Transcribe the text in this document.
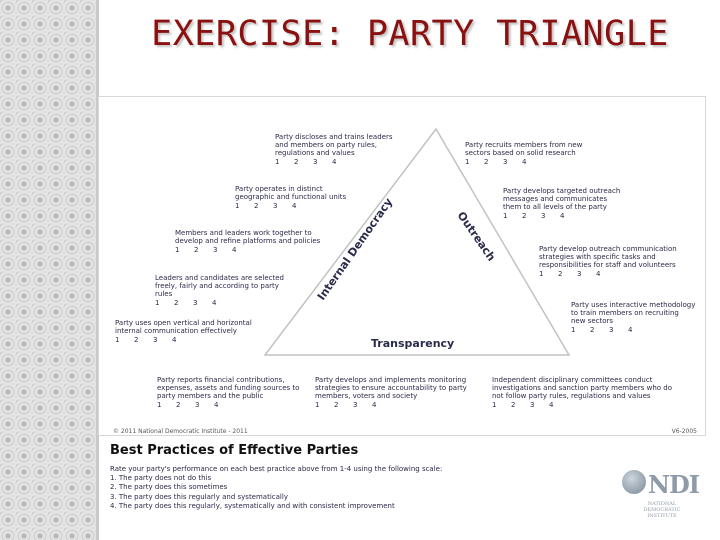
EXERCISE: PARTY TRIANGLE
Internal Democracy	Outreach
Transparency
Party discloses and trains leaders
and members on party rules,
regulations and values
1 2 3 4
Party operates in distinct
geographic and functional units
1 2 3 4
Members and leaders work together to
develop and refine platforms and policies
1 2 3 4
Leaders and candidates are selected
freely, fairly and according to party
rules
1 2 3 4
Party uses open vertical and horizontal
internal communication effectively
1 2 3 4
Party recruits members from new
sectors based on solid research
1 2 3 4
Party develops targeted outreach
messages and communicates
them to all levels of the party
1 2 3 4
Party develop outreach communication
strategies with specific tasks and
responsibilities for staff and volunteers
1 2 3 4
Party uses interactive methodology
to train members on recruiting
new sectors
1 2 3 4
Party reports financial contributions,
expenses, assets and funding sources to
party members and the public
1 2 3 4
Party develops and implements monitoring
strategies to ensure accountability to party
members, voters and society
1 2 3 4
Independent disciplinary committees conduct
investigations and sanction party members who do
not follow party rules, regulations and values
1 2 3 4
© 2011 National Democratic Institute - 2011	V6-2005
Best Practices of Effective Parties
Rate your party's performance on each best practice above from 1-4 using the following scale:
1. The party does not do this
2. The party does this sometimes
3. The party does this regularly and systematically
4. The party does this regularly, systematically and with consistent improvement
NDI
NATIONAL
DEMOCRATIC
INSTITUTE
